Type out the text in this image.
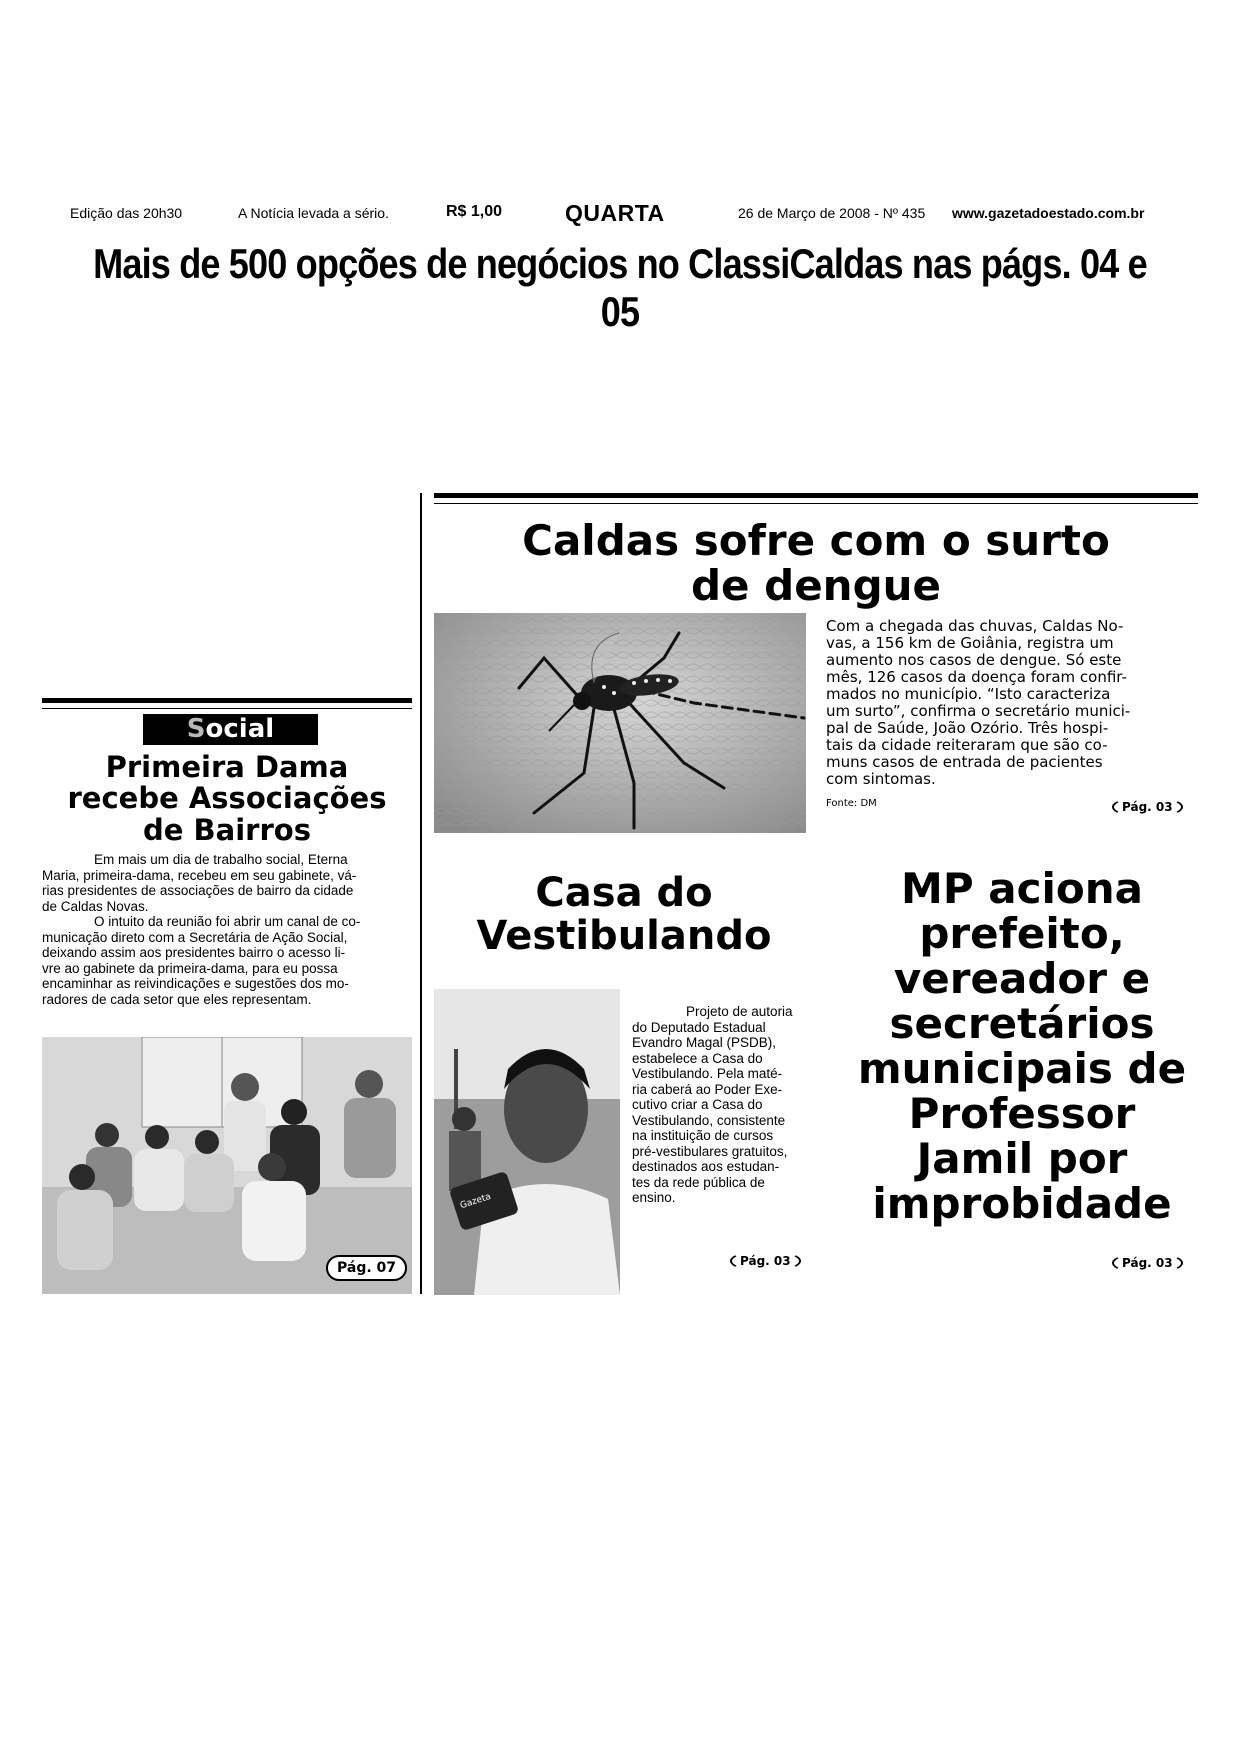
Edição das 20h30	A Notícia levada a sério.	R$ 1,00	QUARTA	26 de Março de 2008 - Nº 435 www.gazetadoestado.com.br
Mais de 500 opções de negócios no ClassiCaldas nas págs. 04 e 05
Caldas sofre com o surto
de dengue
Com a chegada das chuvas, Caldas No-
vas, a 156 km de Goiânia, registra um
aumento nos casos de dengue. Só este
mês, 126 casos da doença foram confir-
mados no município. “Isto caracteriza
um surto”, confirma o secretário munici-
pal de Saúde, João Ozório. Três hospi-
tais da cidade reiteraram que são co-
muns casos de entrada de pacientes
com sintomas.
Fonte: DM	Pág. 03
Social
Primeira Dama
recebe Associações
de Bairros
Em mais um dia de trabalho social, Eterna
Maria, primeira-dama, recebeu em seu gabinete, vá-
rias presidentes de associações de bairro da cidade
de Caldas Novas.
O intuito da reunião foi abrir um canal de co-
municação direto com a Secretária de Ação Social,
deixando assim aos presidentes bairro o acesso li-
vre ao gabinete da primeira-dama, para eu possa
encaminhar as reivindicações e sugestões dos mo-
radores de cada setor que eles representam.
Pág. 07
Casa do
Vestibulando
Gazeta
Projeto de autoria
do Deputado Estadual
Evandro Magal (PSDB),
estabelece a Casa do
Vestibulando. Pela maté-
ria caberá ao Poder Exe-
cutivo criar a Casa do
Vestibulando, consistente
na instituição de cursos
pré-vestibulares gratuitos,
destinados aos estudan-
tes da rede pública de
ensino.
Pág. 03
MP aciona
prefeito,
vereador e
secretários
municipais de
Professor
Jamil por
improbidade
Pág. 03
